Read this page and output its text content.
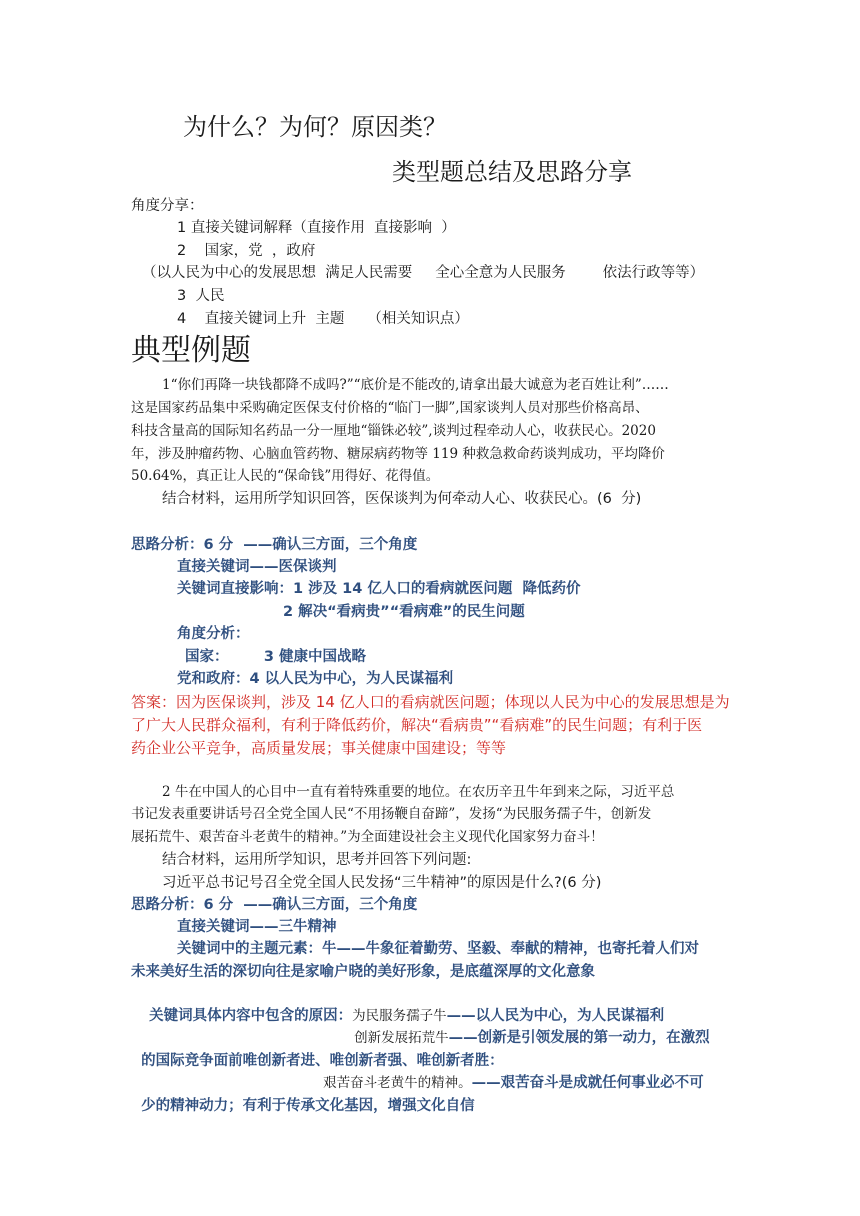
为什么？为何？原因类？
类型题总结及思路分享
角度分享：
1 直接关键词解释（直接作用  直接影响  ）
2    国家，党  ，政府
（以人民为中心的发展思想  满足人民需要     全心全意为人民服务        依法行政等等）
3  人民
4    直接关键词上升  主题     （相关知识点）
典型例题
1“你们再降一块钱都降不成吗?”“底价是不能改的,请拿出最大诚意为老百姓让利”……
这是国家药品集中采购确定医保支付价格的“临门一脚”,国家谈判人员对那些价格高昂、
科技含量高的国际知名药品一分一厘地“锱铢必较”,谈判过程牵动人心，收获民心。2020
年，涉及肿瘤药物、心脑血管药物、糖尿病药物等 119 种救急救命药谈判成功，平均降价
50.64%，真正让人民的“保命钱”用得好、花得值。
结合材料，运用所学知识回答，医保谈判为何牵动人心、收获民心。(6  分)
思路分析：6 分  ——确认三方面，三个角度
直接关键词——医保谈判
关键词直接影响：1 涉及 14 亿人口的看病就医问题  降低药价
2 解决“看病贵”“看病难”的民生问题
角度分析：
国家：       3 健康中国战略
党和政府：4 以人民为中心，为人民谋福利
答案：因为医保谈判，涉及 14 亿人口的看病就医问题；体现以人民为中心的发展思想是为
了广大人民群众福利，有利于降低药价，解决“看病贵”“看病难”的民生问题；有利于医
药企业公平竞争，高质量发展；事关健康中国建设；等等
2 牛在中国人的心目中一直有着特殊重要的地位。在农历辛丑牛年到来之际，习近平总
书记发表重要讲话号召全党全国人民“不用扬鞭自奋蹄”，发扬“为民服务孺子牛，创新发
展拓荒牛、艰苦奋斗老黄牛的精神。”为全面建设社会主义现代化国家努力奋斗！
结合材料，运用所学知识，思考并回答下列问题:
习近平总书记号召全党全国人民发扬“三牛精神”的原因是什么?(6 分)
思路分析：6 分  ——确认三方面，三个角度
直接关键词——三牛精神
关键词中的主题元素：牛——牛象征着勤劳、坚毅、奉献的精神，也寄托着人们对
未来美好生活的深切向往是家喻户晓的美好形象，是底蕴深厚的文化意象

关键词具体内容中包含的原因：为民服务孺子牛——以人民为中心，为人民谋福利

创新发展拓荒牛——创新是引领发展的第一动力，在激烈

的国际竞争面前唯创新者进、唯创新者强、唯创新者胜：

艰苦奋斗老黄牛的精神。——艰苦奋斗是成就任何事业必不可

少的精神动力；有利于传承文化基因，增强文化自信
